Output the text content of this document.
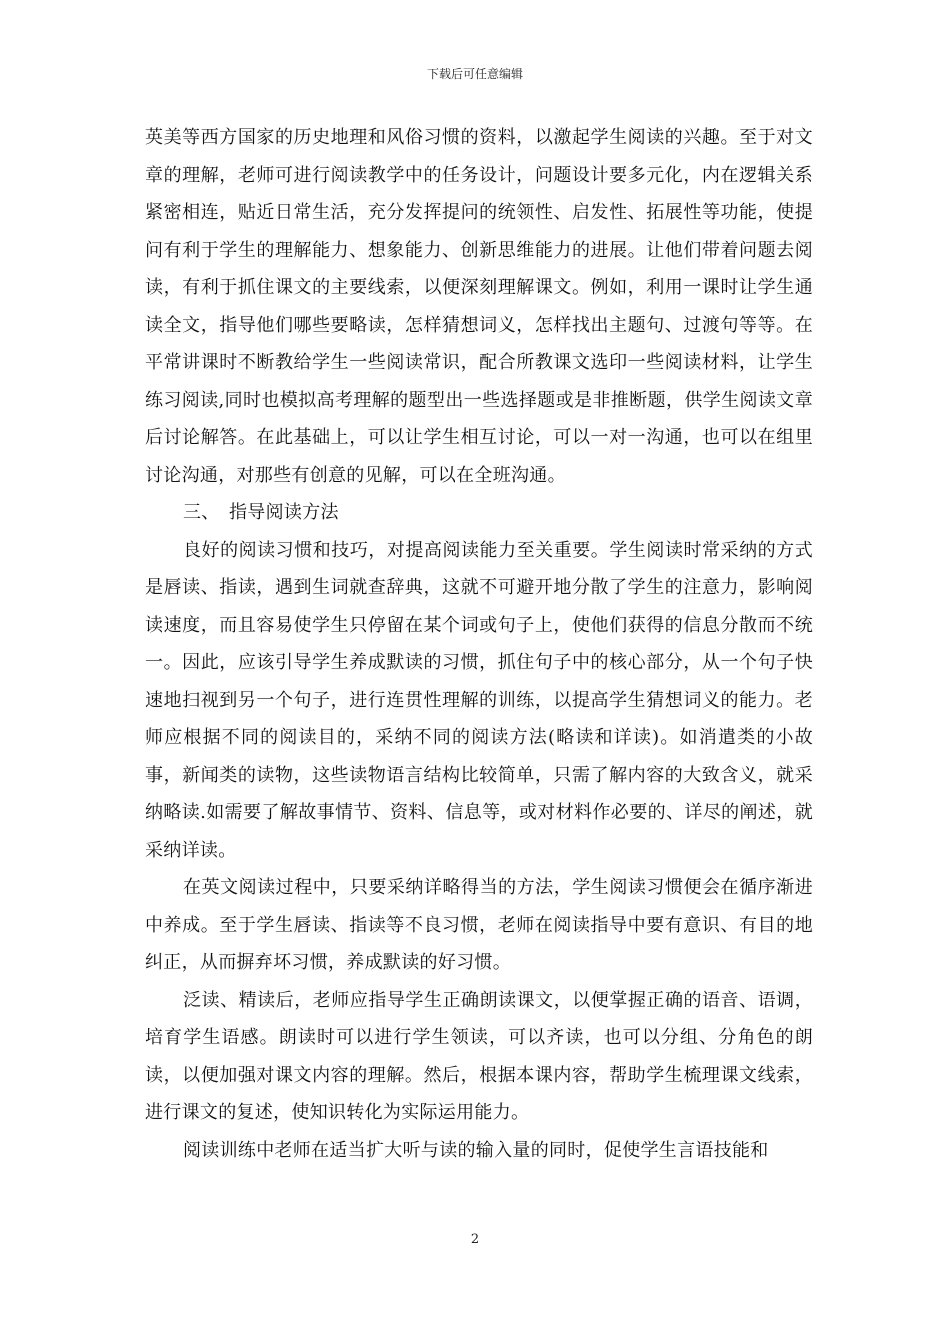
下载后可任意编辑

英美等西方国家的历史地理和风俗习惯的资料，以激起学生阅读的兴趣。至于对文章的理解，老师可进行阅读教学中的任务设计，问题设计要多元化，内在逻辑关系紧密相连，贴近日常生活，充分发挥提问的统领性、启发性、拓展性等功能，使提问有利于学生的理解能力、想象能力、创新思维能力的进展。让他们带着问题去阅读，有利于抓住课文的主要线索，以便深刻理解课文。例如，利用一课时让学生通读全文，指导他们哪些要略读，怎样猜想词义，怎样找出主题句、过渡句等等。在平常讲课时不断教给学生一些阅读常识，配合所教课文选印一些阅读材料，让学生练习阅读,同时也模拟高考理解的题型出一些选择题或是非推断题，供学生阅读文章后讨论解答。在此基础上，可以让学生相互讨论，可以一对一沟通，也可以在组里讨论沟通，对那些有创意的见解，可以在全班沟通。

三、 指导阅读方法

良好的阅读习惯和技巧，对提高阅读能力至关重要。学生阅读时常采纳的方式是唇读、指读，遇到生词就查辞典，这就不可避开地分散了学生的注意力，影响阅读速度，而且容易使学生只停留在某个词或句子上，使他们获得的信息分散而不统一。因此，应该引导学生养成默读的习惯，抓住句子中的核心部分，从一个句子快速地扫视到另一个句子，进行连贯性理解的训练，以提高学生猜想词义的能力。老师应根据不同的阅读目的，采纳不同的阅读方法(略读和详读)。如消遣类的小故事，新闻类的读物，这些读物语言结构比较简单，只需了解内容的大致含义，就采纳略读.如需要了解故事情节、资料、信息等，或对材料作必要的、详尽的阐述，就采纳详读。

在英文阅读过程中，只要采纳详略得当的方法，学生阅读习惯便会在循序渐进中养成。至于学生唇读、指读等不良习惯，老师在阅读指导中要有意识、有目的地纠正，从而摒弃坏习惯，养成默读的好习惯。

泛读、精读后，老师应指导学生正确朗读课文，以便掌握正确的语音、语调，培育学生语感。朗读时可以进行学生领读，可以齐读，也可以分组、分角色的朗读，以便加强对课文内容的理解。然后，根据本课内容，帮助学生梳理课文线索，进行课文的复述，使知识转化为实际运用能力。

阅读训练中老师在适当扩大听与读的输入量的同时，促使学生言语技能和

2
